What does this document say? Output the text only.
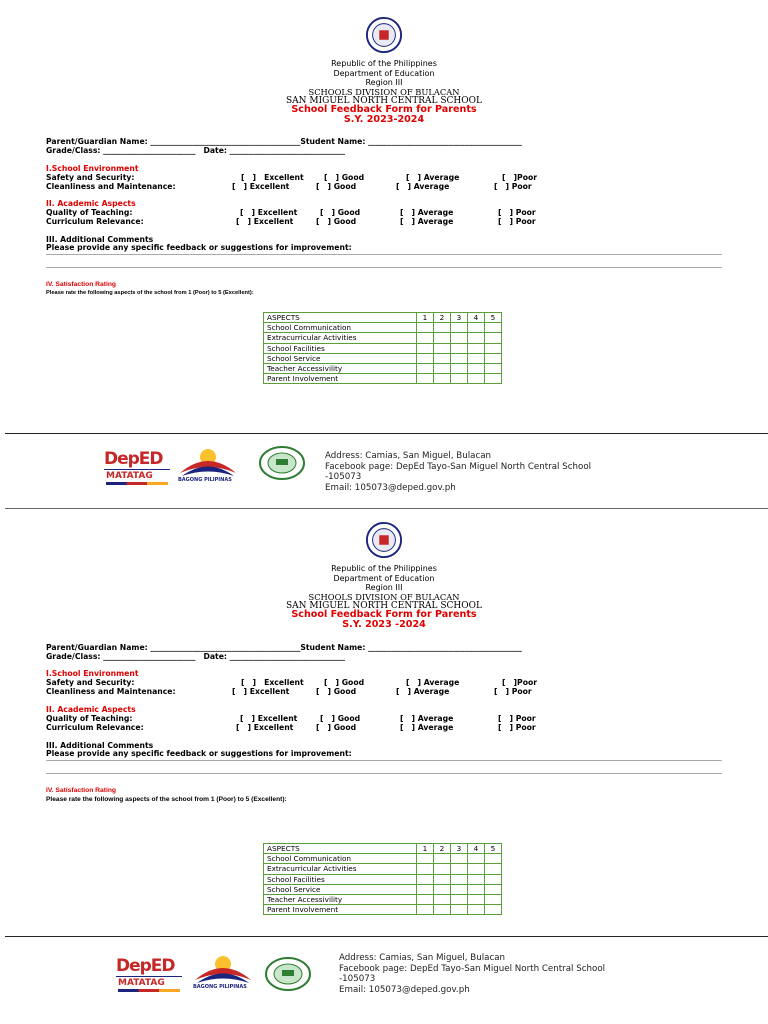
Republic of the Philippines
Department of Education
Region III
SCHOOLS DIVISION OF BULACAN
SAN MIGUEL NORTH CENTRAL SCHOOL
School Feedback Form for Parents
S.Y. 2023-2024
Parent/Guardian Name: _______________________________________Student Name: ________________________________________
Grade/Class: ________________________   Date: ______________________________
I.School Environment
Safety and Security:	[   ]   Excellent	[   ] Good	[   ] Average	[   ]Poor
Cleanliness and Maintenance:	[   ] Excellent	[   ] Good	[   ] Average	[   ] Poor
II. Academic Aspects
Quality of Teaching:	[   ] Excellent	[   ] Good	[   ] Average	[   ] Poor
Curriculum Relevance:	[   ] Excellent	[   ] Good	[   ] Average	[   ] Poor
III. Additional Comments
Please provide any specific feedback or suggestions for improvement:
IV. Satisfaction Rating
Please rate the following aspects of the school from 1 (Poor) to 5 (Excellent):
ASPECTS	1	2	3	4	5
School Communication					
Extracurricular Activities					
School Facilities					
School Service					
Teacher Accessivility					
Parent Involvement					
DepED
MATATAG	BAGONG PILIPINAS
Address: Camias, San Miguel, Bulacan
Facebook page: DepEd Tayo-San Miguel North Central School
-105073
Email: 105073@deped.gov.ph
Republic of the Philippines
Department of Education
Region III
SCHOOLS DIVISION OF BULACAN
SAN MIGUEL NORTH CENTRAL SCHOOL
School Feedback Form for Parents
S.Y. 2023 -2024
Parent/Guardian Name: _______________________________________Student Name: ________________________________________
Grade/Class: ________________________   Date: ______________________________
I.School Environment
Safety and Security:	[   ]   Excellent	[   ] Good	[   ] Average	[   ]Poor
Cleanliness and Maintenance:	[   ] Excellent	[   ] Good	[   ] Average	[   ] Poor
II. Academic Aspects
Quality of Teaching:	[   ] Excellent	[   ] Good	[   ] Average	[   ] Poor
Curriculum Relevance:	[   ] Excellent	[   ] Good	[   ] Average	[   ] Poor
III. Additional Comments
Please provide any specific feedback or suggestions for improvement:
IV. Satisfaction Rating
Please rate the following aspects of the school from 1 (Poor) to 5 (Excellent):
ASPECTS	1	2	3	4	5
School Communication					
Extracurricular Activities					
School Facilities					
School Service					
Teacher Accessivility					
Parent Involvement					
DepED
MATATAG	BAGONG PILIPINAS
Address: Camias, San Miguel, Bulacan
Facebook page: DepEd Tayo-San Miguel North Central School
-105073
Email: 105073@deped.gov.ph
